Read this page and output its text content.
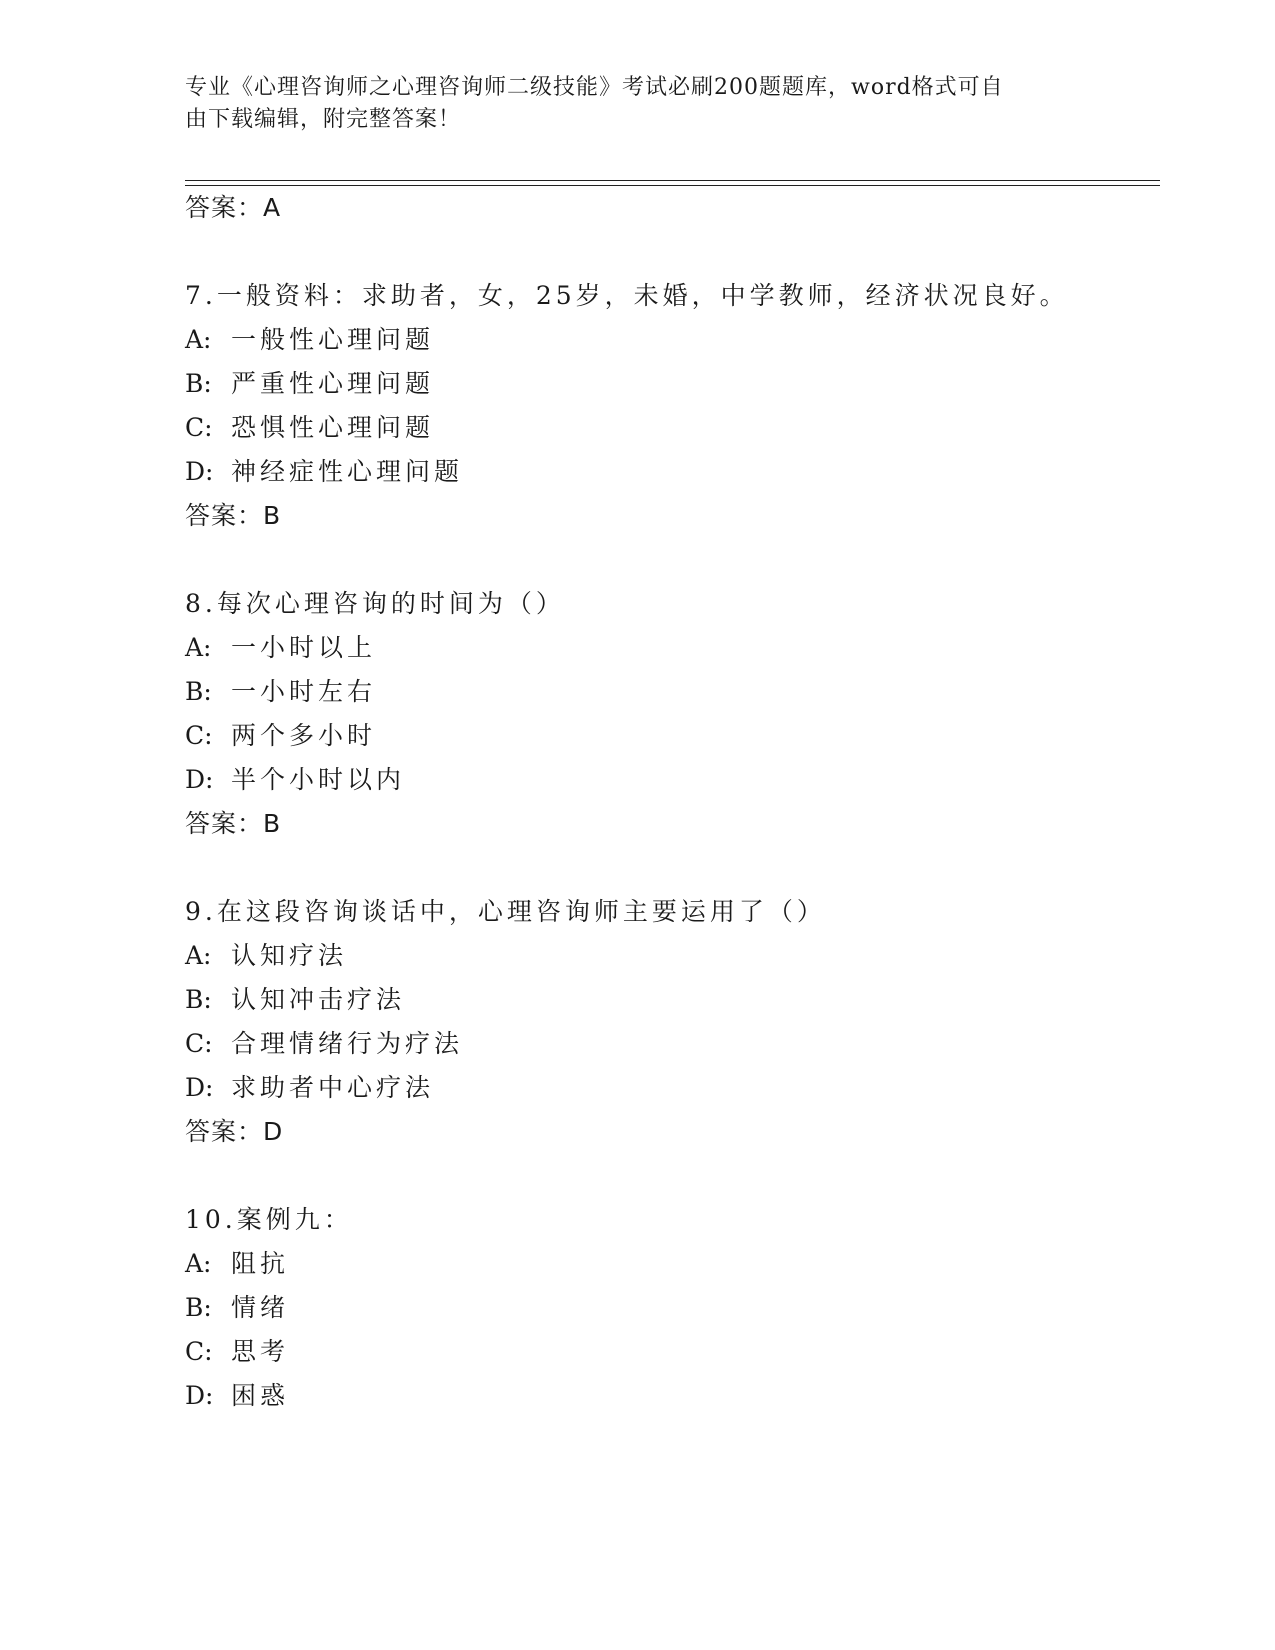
专业《心理咨询师之心理咨询师二级技能》考试必刷200题题库，word格式可自
由下载编辑，附完整答案！

答案：A

7.一般资料：求助者，女，25岁，未婚，中学教师，经济状况良好。

A: 一般性心理问题

B: 严重性心理问题

C: 恐惧性心理问题

D: 神经症性心理问题

答案：B

8.每次心理咨询的时间为（）

A: 一小时以上

B: 一小时左右

C: 两个多小时

D: 半个小时以内

答案：B

9.在这段咨询谈话中，心理咨询师主要运用了（）

A: 认知疗法

B: 认知冲击疗法

C: 合理情绪行为疗法

D: 求助者中心疗法

答案：D

10.案例九：

A: 阻抗

B: 情绪

C: 思考

D: 困惑
